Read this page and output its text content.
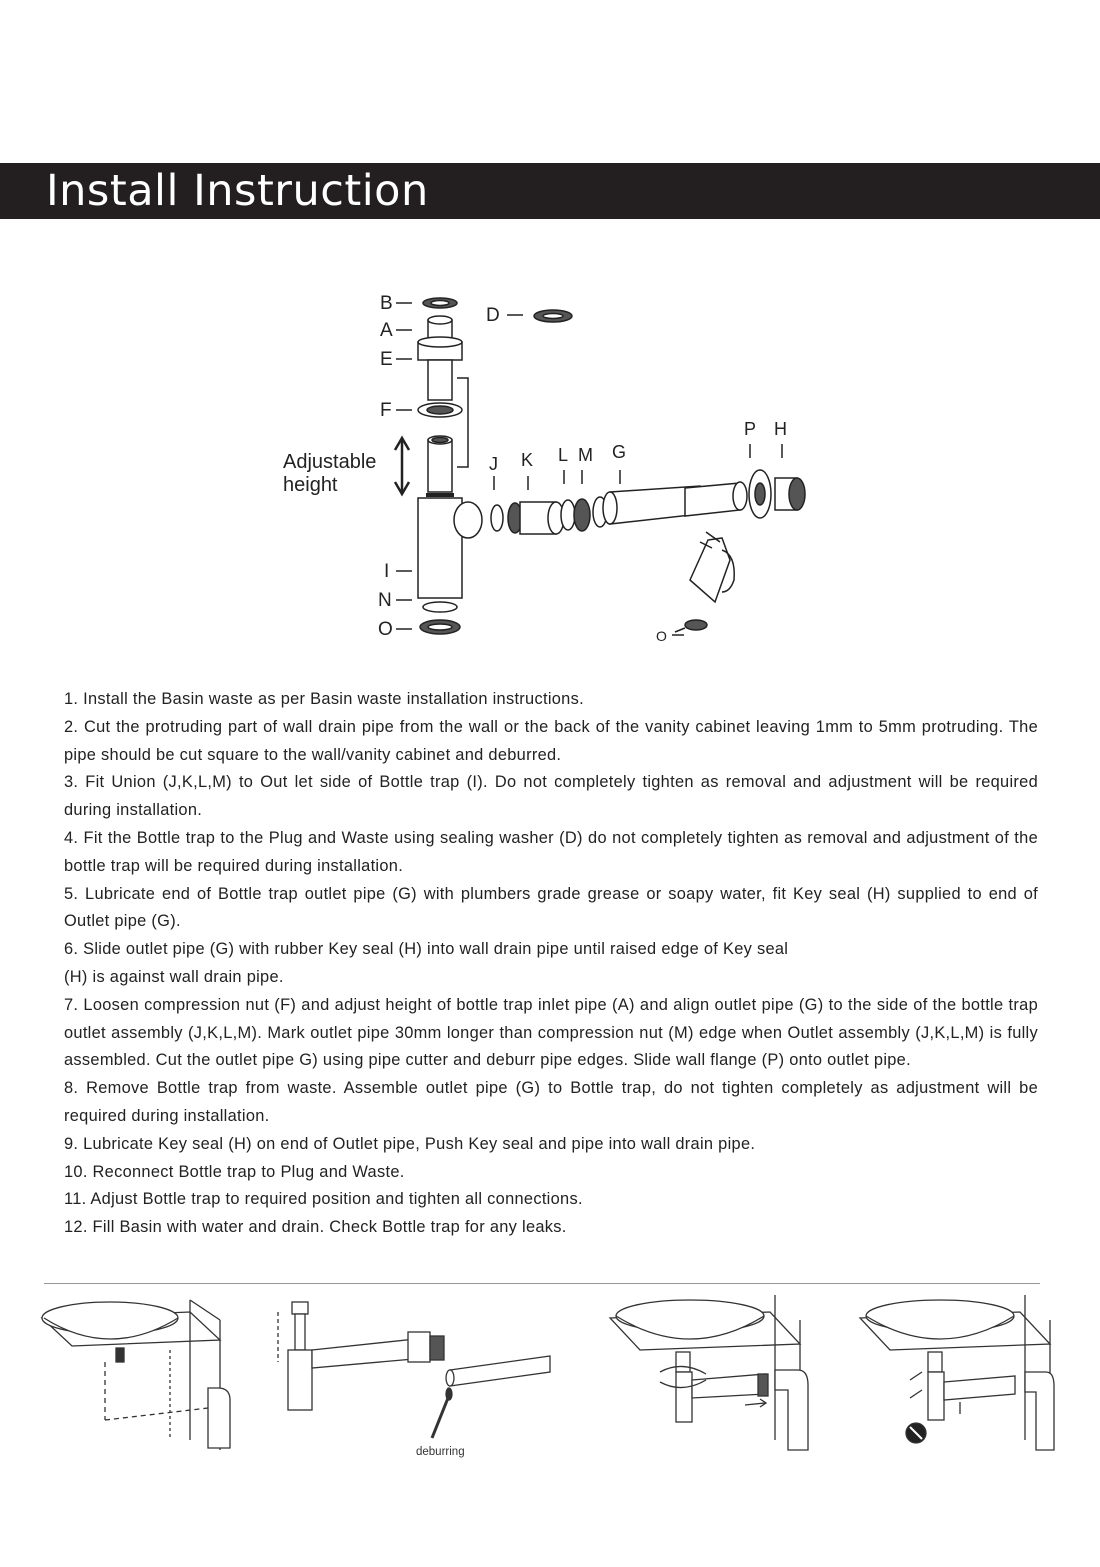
Install Instruction
B
A
E
F
I
N
O
D
J K L M G
P H
O
Adjustable
height
1. Install the Basin waste as per Basin waste installation instructions.
2. Cut the protruding part of wall drain pipe from the wall or the back of the vanity cabinet leaving 1mm to 5mm protruding. The pipe should be cut square to the wall/vanity cabinet and deburred.
3. Fit Union (J,K,L,M) to Out let side of Bottle trap (I). Do not completely tighten as removal and adjustment will be required during installation.
4. Fit the Bottle trap to the Plug and Waste using sealing washer (D) do not completely tighten as removal and adjustment of the bottle trap will be required during installation.
5. Lubricate end of Bottle trap outlet pipe (G) with plumbers grade grease or soapy water, fit Key seal (H) supplied to end of Outlet pipe (G).
6. Slide outlet pipe (G) with rubber Key seal (H) into wall drain pipe until raised edge of Key seal
(H) is against wall drain pipe.
7. Loosen compression nut (F) and adjust height of bottle trap inlet pipe (A) and align outlet pipe (G) to the side of the bottle trap outlet assembly (J,K,L,M). Mark outlet pipe 30mm longer than compression nut (M) edge when Outlet assembly (J,K,L,M) is fully assembled. Cut the outlet pipe G) using pipe cutter and deburr pipe edges. Slide wall flange (P) onto outlet pipe.
8. Remove Bottle trap from waste. Assemble outlet pipe (G) to Bottle trap, do not tighten completely as adjustment will be required during installation.
9. Lubricate Key seal (H) on end of Outlet pipe, Push Key seal and pipe into wall drain pipe.
10. Reconnect Bottle trap to Plug and Waste.
11. Adjust Bottle trap to required position and tighten all connections.
12. Fill Basin with water and drain. Check Bottle trap for any leaks.
deburring
